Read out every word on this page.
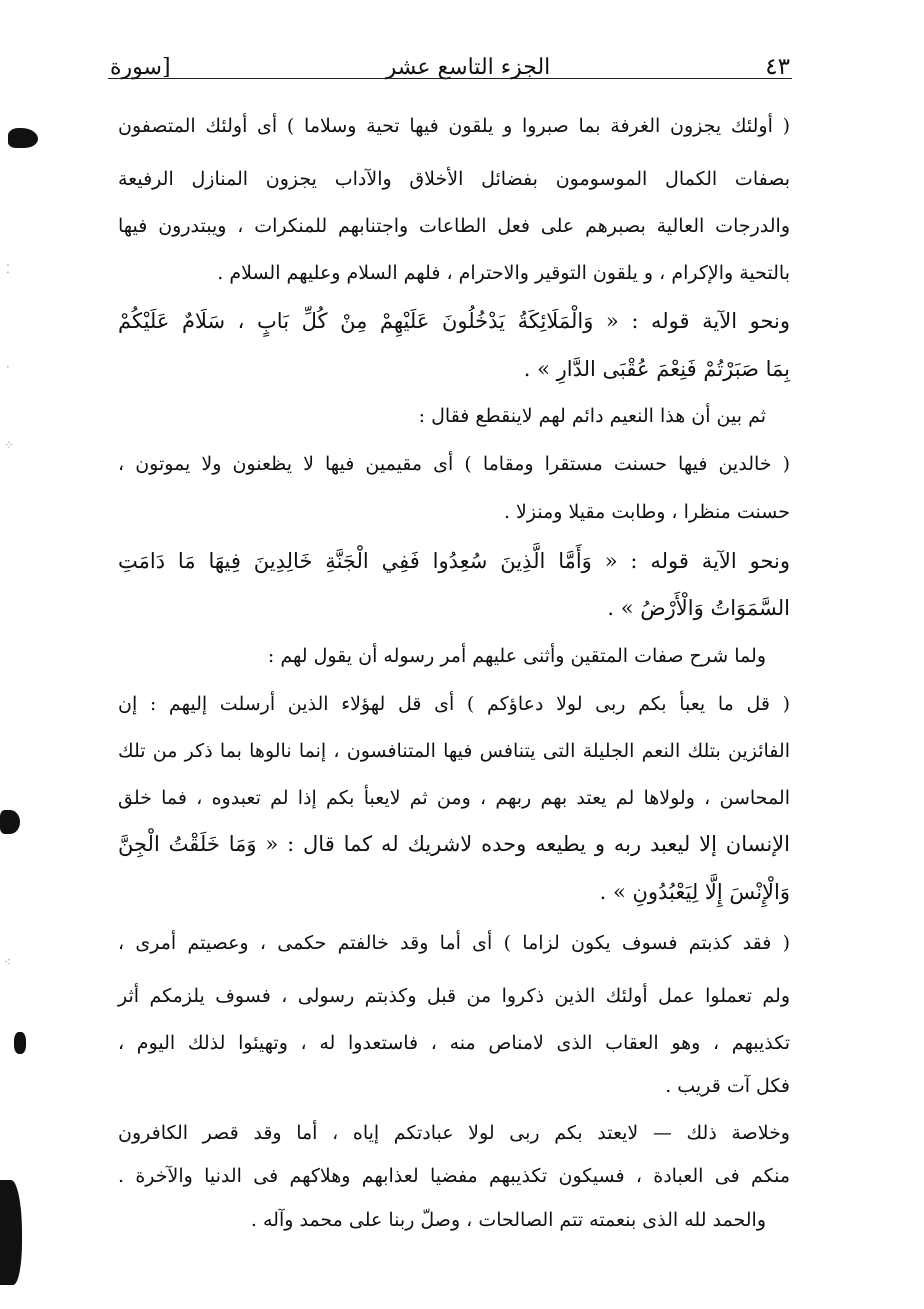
٤٣
الجزء التاسع عشر
[سورة
( أولئك يجزون الغرفة بما صبروا و يلقون فيها تحية وسلاما ) أى أولئك المتصفون
بصفات الكمال الموسومون بفضائل الأخلاق والآداب يجزون المنازل الرفيعة
والدرجات العالية بصبرهم على فعل الطاعات واجتنابهم للمنكرات ، ويبتدرون فيها
بالتحية والإكرام ، و يلقون التوقير والاحترام ، فلهم السلام وعليهم السلام .
ونحو الآية قوله : « وَالْمَلَائِكَةُ يَدْخُلُونَ عَلَيْهِمْ مِنْ كُلِّ بَابٍ ، سَلَامٌ عَلَيْكُمْ
بِمَا صَبَرْتُمْ فَنِعْمَ عُقْبَى الدَّارِ » .
ثم بين أن هذا النعيم دائم لهم لاينقطع فقال :
( خالدين فيها حسنت مستقرا ومقاما ) أى مقيمين فيها لا يظعنون ولا يموتون ،
حسنت منظرا ، وطابت مقيلا ومنزلا .
ونحو الآية قوله : « وَأَمَّا الَّذِينَ سُعِدُوا فَفِي الْجَنَّةِ خَالِدِينَ فِيهَا مَا دَامَتِ
السَّمَوَاتُ وَالْأَرْضُ » .
ولما شرح صفات المتقين وأثنى عليهم أمر رسوله أن يقول لهم :
( قل ما يعبأ بكم ربى لولا دعاؤكم ) أى قل لهؤلاء الذين أرسلت إليهم : إن
الفائزين بتلك النعم الجليلة التى يتنافس فيها المتنافسون ، إنما نالوها بما ذكر من تلك
المحاسن ، ولولاها لم يعتد بهم ربهم ، ومن ثم لايعبأ بكم إذا لم تعبدوه ، فما خلق
الإنسان إلا ليعبد ربه و يطيعه وحده لاشريك له كما قال : « وَمَا خَلَقْتُ الْجِنَّ
وَالْإِنْسَ إِلَّا لِيَعْبُدُونِ » .
( فقد كذبتم فسوف يكون لزاما ) أى أما وقد خالفتم حكمى ، وعصيتم أمرى ،
ولم تعملوا عمل أولئك الذين ذكروا من قبل وكذبتم رسولى ، فسوف يلزمكم أثر
تكذيبهم ، وهو العقاب الذى لامناص منه ، فاستعدوا له ، وتهيئوا لذلك اليوم ،
فكل آت قريب .
وخلاصة ذلك — لايعتد بكم ربى لولا عبادتكم إياه ، أما وقد قصر الكافرون
منكم فى العبادة ، فسيكون تكذيبهم مفضيا لعذابهم وهلاكهم فى الدنيا والآخرة .
والحمد لله الذى بنعمته تتم الصالحات ، وصلّ ربنا على محمد وآله .
⁚
·
⁘
⁖
